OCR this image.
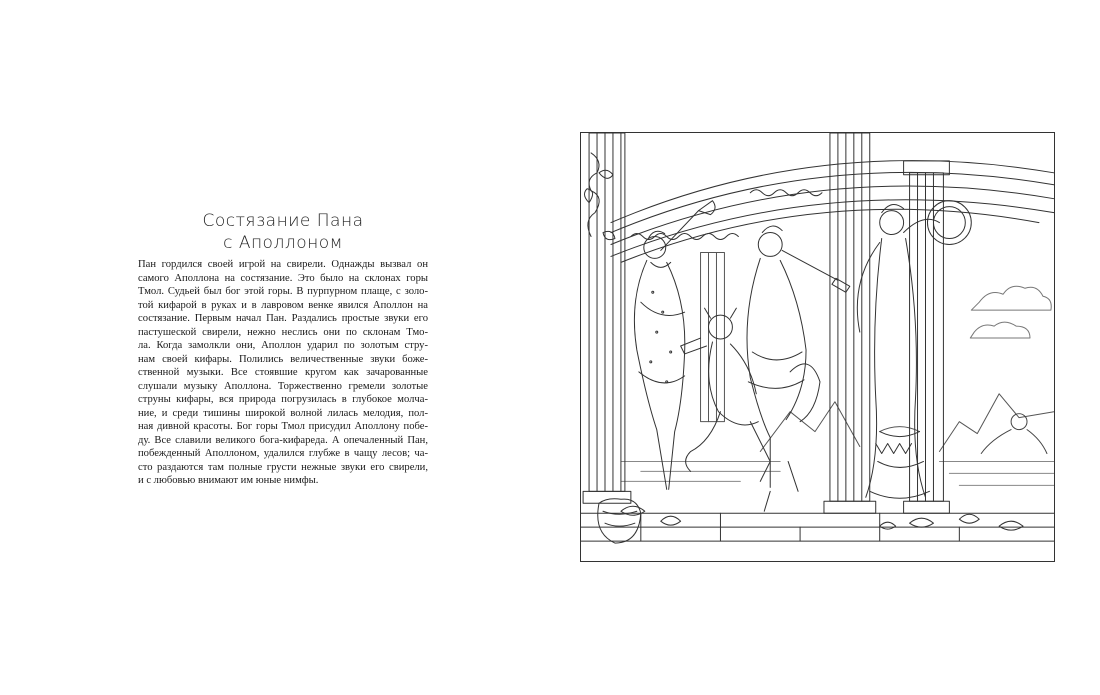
Состязание Пана
с Аполлоном
Пан гордился своей игрой на свирели. Однажды вызвал он
самого Аполлона на состязание. Это было на склонах горы
Тмол. Судьей был бог этой горы. В пурпурном плаще, с золо-
той кифарой в руках и в лавровом венке явился Аполлон на
состязание. Первым начал Пан. Раздались простые звуки его
пастушеской свирели, нежно неслись они по склонам Тмо-
ла. Когда замолкли они, Аполлон ударил по золотым стру-
нам своей кифары. Полились величественные звуки боже-
ственной музыки. Все стоявшие кругом как зачарованные
слушали музыку Аполлона. Торжественно гремели золотые
струны кифары, вся природа погрузилась в глубокое молча-
ние, и среди тишины широкой волной лилась мелодия, пол-
ная дивной красоты. Бог горы Тмол присудил Аполлону побе-
ду. Все славили великого бога-кифареда. А опечаленный Пан,
побежденный Аполлоном, удалился глубже в чащу лесов; ча-
сто раздаются там полные грусти нежные звуки его свирели,
и с любовью внимают им юные нимфы.
